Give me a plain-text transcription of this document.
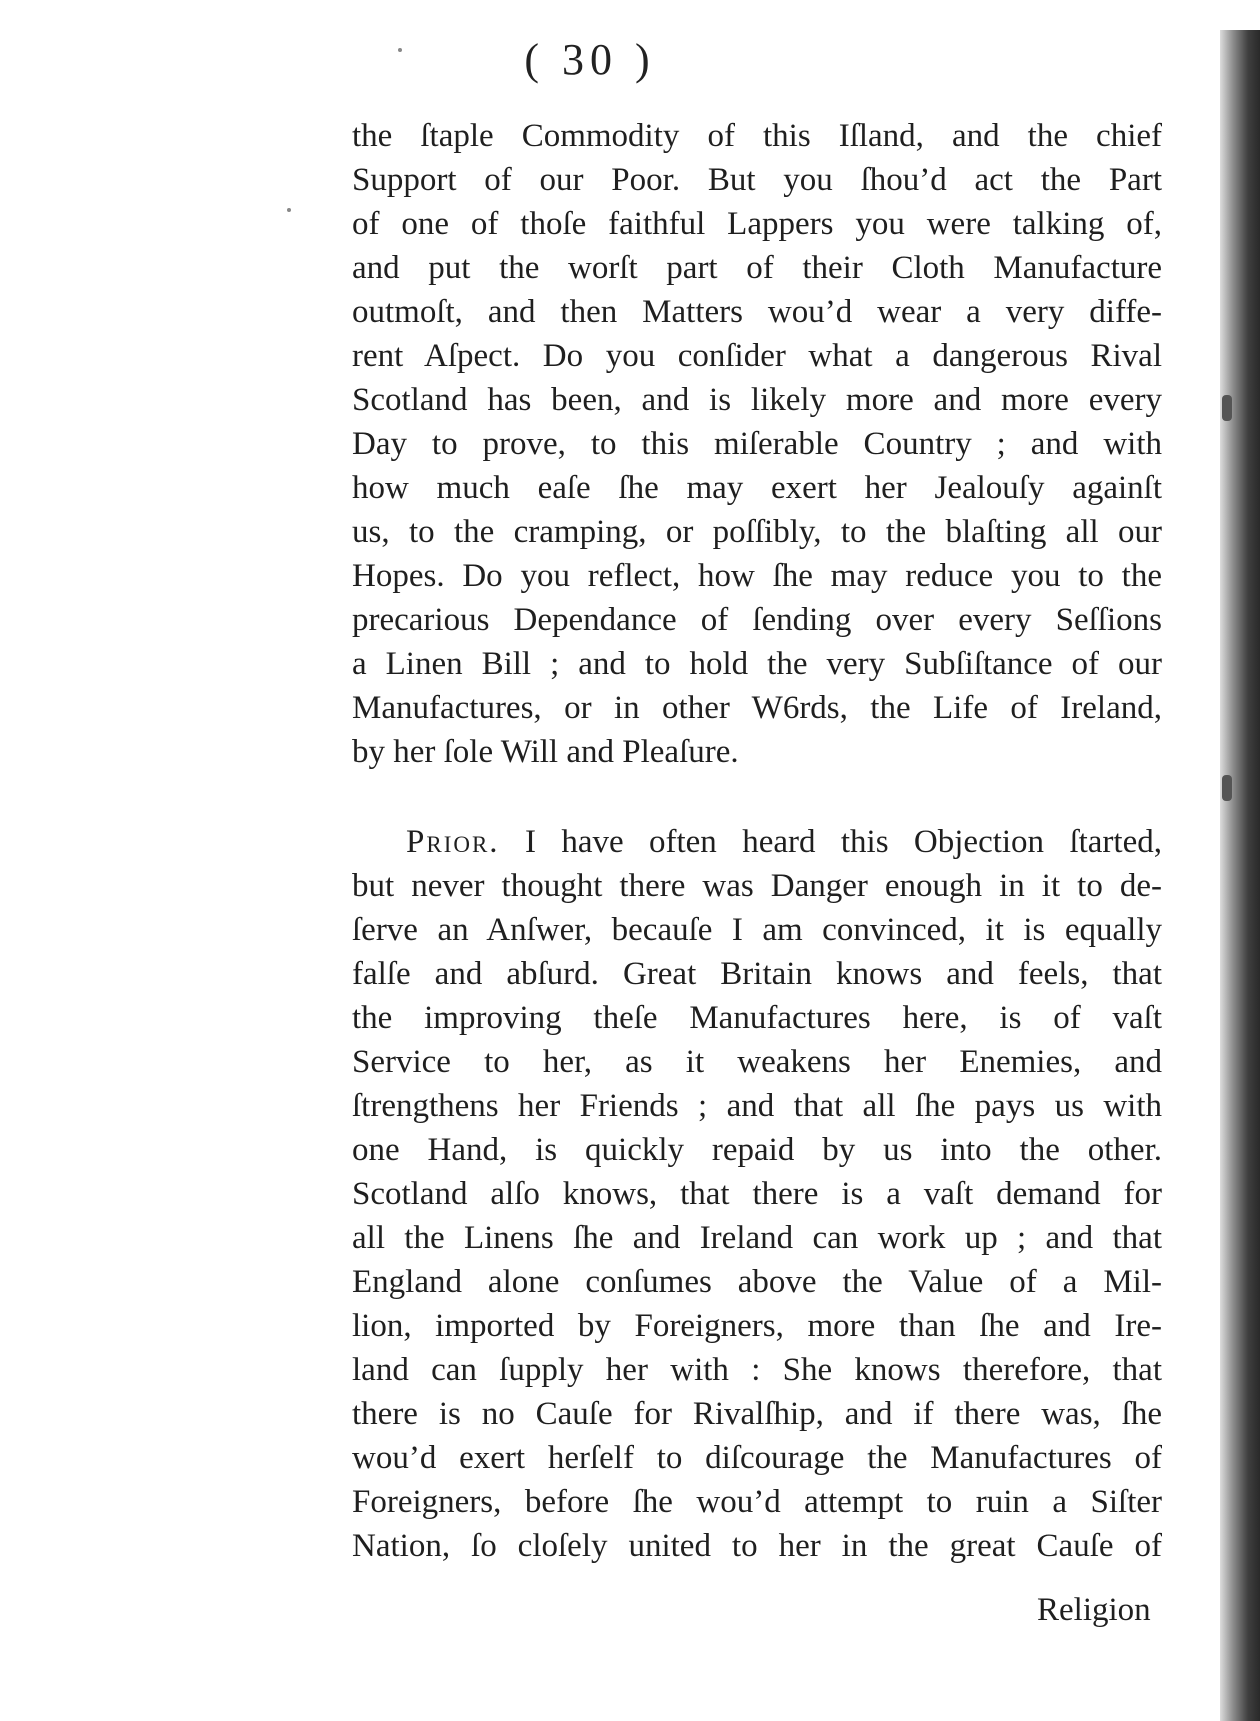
( 30 )
the ſtaple Commodity of this Iſland, and the chief
Support of our Poor. But you ſhou’d act the Part
of one of thoſe faithful Lappers you were talking of,
and put the worſt part of their Cloth Manufacture
outmoſt, and then Matters wou’d wear a very diffe-
rent Aſpect. Do you conſider what a dangerous Rival
Scotland has been, and is likely more and more every
Day to prove, to this miſerable Country ; and with
how much eaſe ſhe may exert her Jealouſy againſt
us, to the cramping, or poſſibly, to the blaſting all our
Hopes. Do you reflect, how ſhe may reduce you to the
precarious Dependance of ſending over every Seſſions
a Linen Bill ; and to hold the very Subſiſtance of our
Manufactures, or in other W6rds, the Life of Ireland,
by her ſole Will and Pleaſure.
Prior. I have often heard this Objection ſtarted,
but never thought there was Danger enough in it to de-
ſerve an Anſwer, becauſe I am convinced, it is equally
falſe and abſurd. Great Britain knows and feels, that
the improving theſe Manufactures here, is of vaſt
Service to her, as it weakens her Enemies, and
ſtrengthens her Friends ; and that all ſhe pays us with
one Hand, is quickly repaid by us into the other.
Scotland alſo knows, that there is a vaſt demand for
all the Linens ſhe and Ireland can work up ; and that
England alone conſumes above the Value of a Mil-
lion, imported by Foreigners, more than ſhe and Ire-
land can ſupply her with : She knows therefore, that
there is no Cauſe for Rivalſhip, and if there was, ſhe
wou’d exert herſelf to diſcourage the Manufactures of
Foreigners, before ſhe wou’d attempt to ruin a Siſter
Nation, ſo cloſely united to her in the great Cauſe of
Religion
